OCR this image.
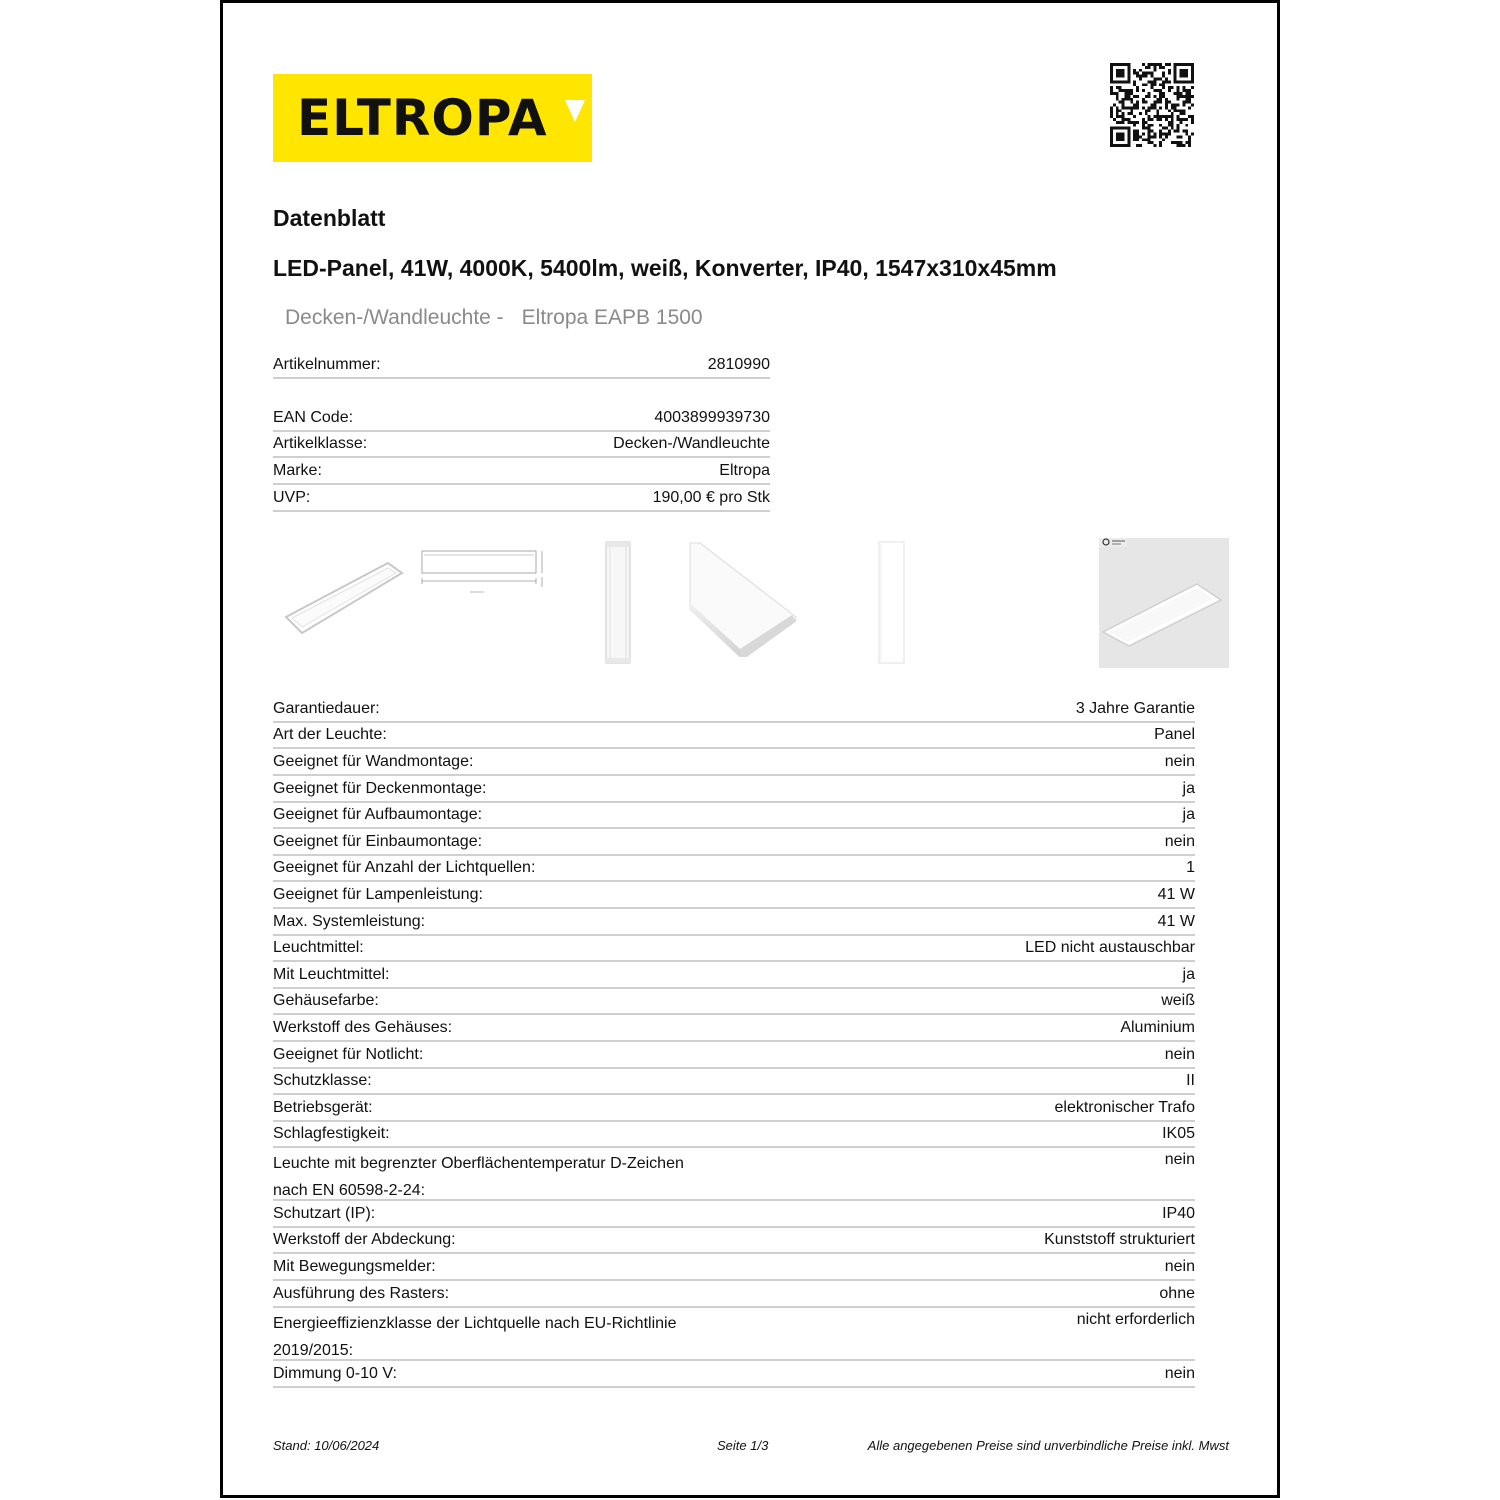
ELTROPA
Datenblatt
LED-Panel, 41W, 4000K, 5400lm, weiß, Konverter, IP40, 1547x310x45mm
Decken-/Wandleuchte - Eltropa EAPB 1500
Artikelnummer:	2810990
EAN Code:	4003899939730
Artikelklasse:	Decken-/Wandleuchte
Marke:	Eltropa
UVP:	190,00 € pro Stk
Garantiedauer:	3 Jahre Garantie
Art der Leuchte:	Panel
Geeignet für Wandmontage:	nein
Geeignet für Deckenmontage:	ja
Geeignet für Aufbaumontage:	ja
Geeignet für Einbaumontage:	nein
Geeignet für Anzahl der Lichtquellen:	1
Geeignet für Lampenleistung:	41 W
Max. Systemleistung:	41 W
Leuchtmittel:	LED nicht austauschbar
Mit Leuchtmittel:	ja
Gehäusefarbe:	weiß
Werkstoff des Gehäuses:	Aluminium
Geeignet für Notlicht:	nein
Schutzklasse:	II
Betriebsgerät:	elektronischer Trafo
Schlagfestigkeit:	IK05
Leuchte mit begrenzter Oberflächentemperatur D-Zeichen nach EN 60598-2-24:
nein
Schutzart (IP):	IP40
Werkstoff der Abdeckung:	Kunststoff strukturiert
Mit Bewegungsmelder:	nein
Ausführung des Rasters:	ohne
Energieeffizienzklasse der Lichtquelle nach EU-Richtlinie 2019/2015:
nicht erforderlich
Dimmung 0-10 V:	nein
Stand: 10/06/2024	Seite 1/3	Alle angegebenen Preise sind unverbindliche Preise inkl. Mwst
